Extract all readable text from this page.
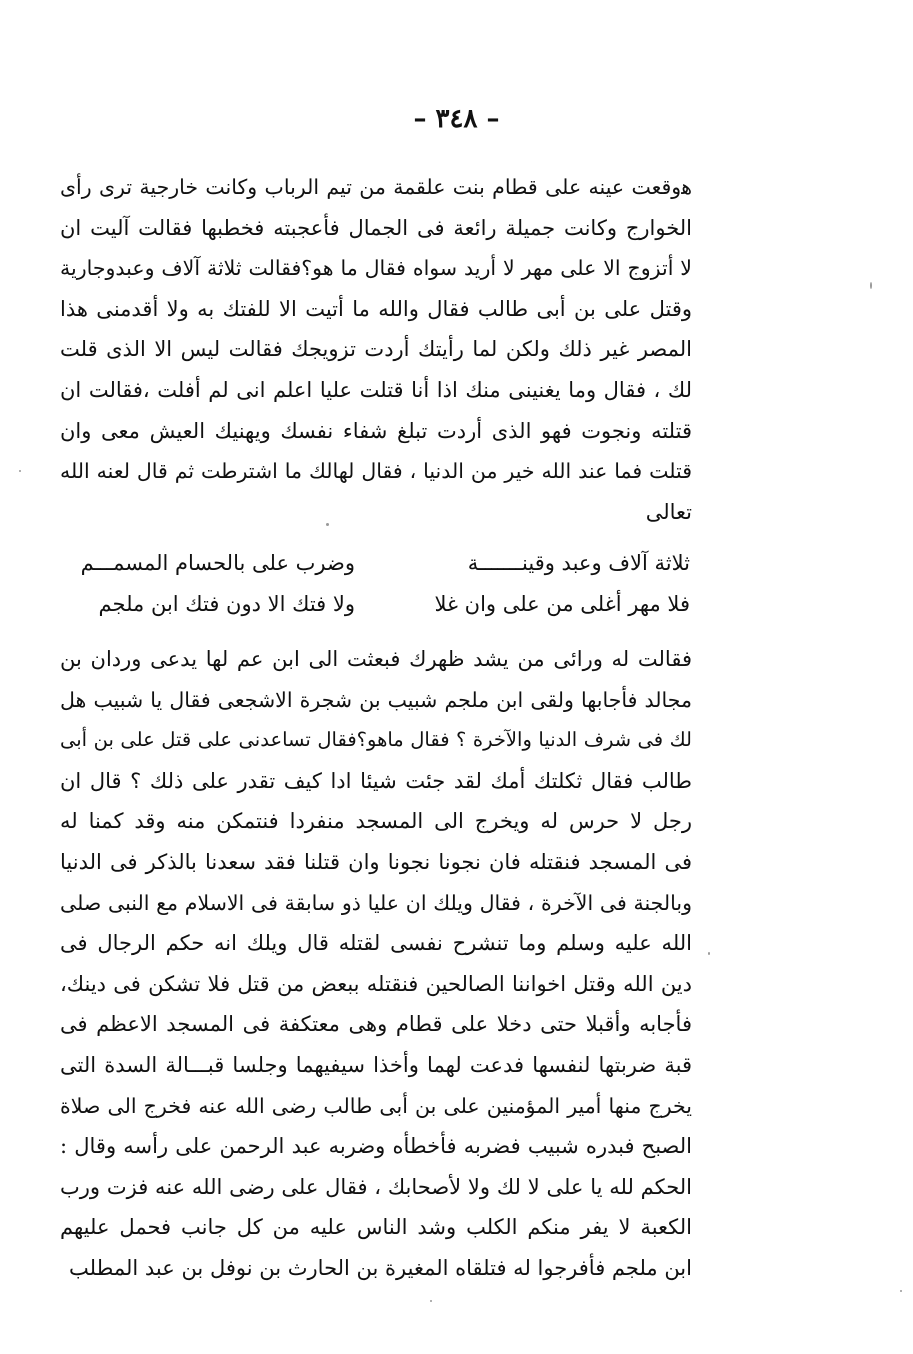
– ٣٤٨ –
ﻫوقعت عينه على قطام بنت علقمة من تيم الرباب وكانت خارجية ترى رأى
الخوارج وكانت جميلة رائعة فى الجمال فأعجبته فخطبها فقالت آليت ان
لا أتزوج الا على مهر لا أريد سواه فقال ما هو؟فقالت ثلاثة آلاف وعبدوجارية
وقتل على بن أبى طالب فقال والله ما أتيت الا للفتك به ولا أقدمنى هذا
المصر غير ذلك ولكن لما رأيتك أردت تزويجك فقالت ليس الا الذى قلت
لك ، فقال وما يغنينى منك اذا أنا قتلت عليا اعلم انى لم أفلت ،فقالت ان
قتلته ونجوت فهو الذى أردت تبلغ شفاء نفسك ويهنيك العيش معى وان
قتلت فما عند الله خير من الدنيا ، فقال لهالك ما اشترطت ثم قال لعنه الله
تعالى
ثلاثة آلاف وعبد وقينـــــــة
وضرب على بالحسام المسمـــم
فلا مهر أغلى من على وان غلا
ولا فتك الا دون فتك ابن ملجم
فقالت له ورائى من يشد ظهرك فبعثت الى ابن عم لها يدعى وردان بن
مجالد فأجابها ولقى ابن ملجم شبيب بن شجرة الاشجعى فقال يا شبيب هل
لك فى شرف الدنيا والآخرة ؟ فقال ماهو؟فقال تساعدنى على قتل على بن أبى
طالب فقال ثكلتك أمك لقد جئت شيئا ادا كيف تقدر على ذلك ؟ قال ان
رجل لا حرس له ويخرج الى المسجد منفردا فنتمكن منه وقد كمنا له
فى المسجد فنقتله فان نجونا نجونا وان قتلنا فقد سعدنا بالذكر فى الدنيا
وبالجنة فى الآخرة ، فقال ويلك ان عليا ذو سابقة فى الاسلام مع النبى صلى
الله عليه وسلم وما تنشرح نفسى لقتله قال ويلك انه حكم الرجال فى
دين الله وقتل اخواننا الصالحين فنقتله ببعض من قتل فلا تشكن فى دينك،
فأجابه وأقبلا حتى دخلا على قطام وهى معتكفة فى المسجد الاعظم فى
قبة ضربتها لنفسها فدعت لهما وأخذا سيفيهما وجلسا قبـــالة السدة التى
يخرج منها أمير المؤمنين على بن أبى طالب رضى الله عنه فخرج الى صلاة
الصبح فبدره شبيب فضربه فأخطأه وضربه عبد الرحمن على رأسه وقال :
الحكم لله يا على لا لك ولا لأصحابك ، فقال على رضى الله عنه فزت ورب
الكعبة لا يفر منكم الكلب وشد الناس عليه من كل جانب فحمل عليهم
ابن ملجم فأفرجوا له فتلقاه المغيرة بن الحارث بن نوفل بن عبد المطلب
